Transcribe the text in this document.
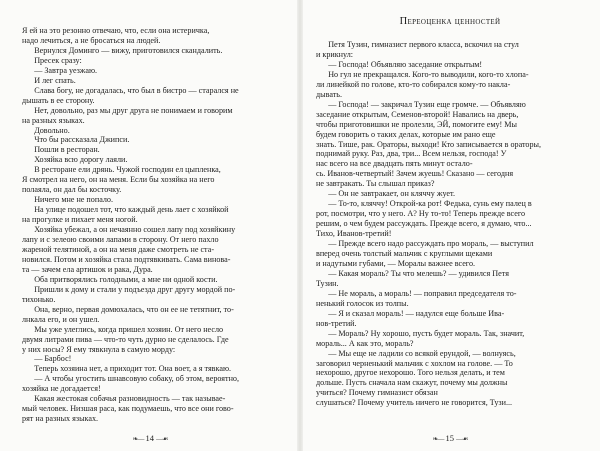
Я ей на это резонно отвечаю, что, если она истеричка,
надо лечиться, а не бросаться на людей.
Вернулся Доминго — вижу, приготовился скандалить.
Пресек сразу:
— Завтра уезжаю.
И лег спать.
Слава богу, не догадалась, что был в бистро — старался не
дышать в ее сторону.
Нет, довольно, раз мы друг друга не понимаем и говорим
на разных языках.
Довольно.
Что бы рассказала Джипси.
Пошли в ресторан.
Хозяйка всю дорогу лаяли.
В ресторане ели дрянь. Чужой господин ел цыпленка,
Я смотрел на него, он на меня. Если бы хозяйка на него
полаяла, он дал бы косточку.
Ничего мне не попало.
На улице подошел тот, что каждый день лает с хозяйкой
на прогулке и пихает меня ногой.
Хозяйка убежал, а он нечаянно сошел лапу под хозяйкину
лапу и с зелеою своими лапами в сторону. От него пахло
жареной телятиной, а он на меня даже смотреть не ста-
новился. Потом и хозяйка стала подтявкивать. Сама винова-
та — зачем ела артишок и рака, Дура.
Оба притворялись голодными, а мне ни одной кости.
Пришли к дому и стали у подъезда друг другу мордой по-
тихонько.
Она, верно, первая домюхалась, что он ее не тетятнит, то-
лнкала его, и он ушел.
Мы уже улеглись, когда пришел хозяин. От него несло
двумя литрами пива — что-то чуть дурно не сделалось. Где
у них носы? Я ему тявкнула в самую морду:
— Барбос!
Теперь хозяина нет, а приходит тот. Она воет, а я тявкаю.
— А чтобы угостить шнавсовую собаку, об этом, вероятно,
хозяйка не догадается!
Какая жестокая собачья разновидность — так называе-
мый человек. Низшая раса, как подумаешь, что все они гово-
рят на разных языках.
❧— 14 —☙
Переоценка ценностей
Петя Тузин, гимназист первого класса, вскочил на стул
и крикнул:
— Господа! Объявляю заседание открытым!
Но гул не прекращался. Кого-то выводили, кого-то хлопа-
ли линейкой по голове, кто-то собирался кому-то накла-
дывать.
— Господа! — закричал Тузин еще громче. — Объявляю
заседание открытым, Семенов-второй! Навались на дверь,
чтобы приготовишки не пролезли, ЭЙ, помогите ему! Мы
будем говорить о таких делах, которые им рано еще
знать. Тише, рак. Ораторы, выходи! Кто записывается в ораторы,
поднимай руку. Раз, два, три... Всем нельзя, господа! У
нас всего на все двадцать пять минут остало-
сь. Иванов-четвертый! Зачем жуешь! Сказано — сегодня
не завтракать. Ты слышал приказ?
— Он не завтракает, он кляччу жует.
— То-то, кляччу! Открой-ка рот! Федька, сунь ему палец в
рот, посмотри, что у него. А? Ну то-то! Теперь прежде всего
решим, о чем будем рассуждать. Прежде всего, я думаю, что...
Тихо, Иванов-третий!
— Прежде всего надо рассуждать про мораль, — выступил
вперед очень толстый мальчик с круглыми щеками
и надутыми губами, — Моралы важнее всего.
— Какая мораль? Ты что мелешь? — удивился Петя
Тузин.
— Не мораль, а мораль! — поправил председателя то-
ненький голосок из толпы.
— Я и сказал мораль! — надулся еще больше Ива-
нов-третий.
— Мораль? Ну хорошо, пусть будет мораль. Так, значит,
мораль... А как это, мораль?
— Мы еще не ладили со всякой ерундой, — волнуясь,
заговорил черненький мальчик с хохлом на голове. — То
нехорошо, другое нехорошо. Того нельзя делать, и тем
дольше. Пусть сначала нам скажут, почему мы должны
учиться? Почему гимназист обязан
слушаться? Почему учитель ничего не говорится, Тузи...
❧— 15 —☙
